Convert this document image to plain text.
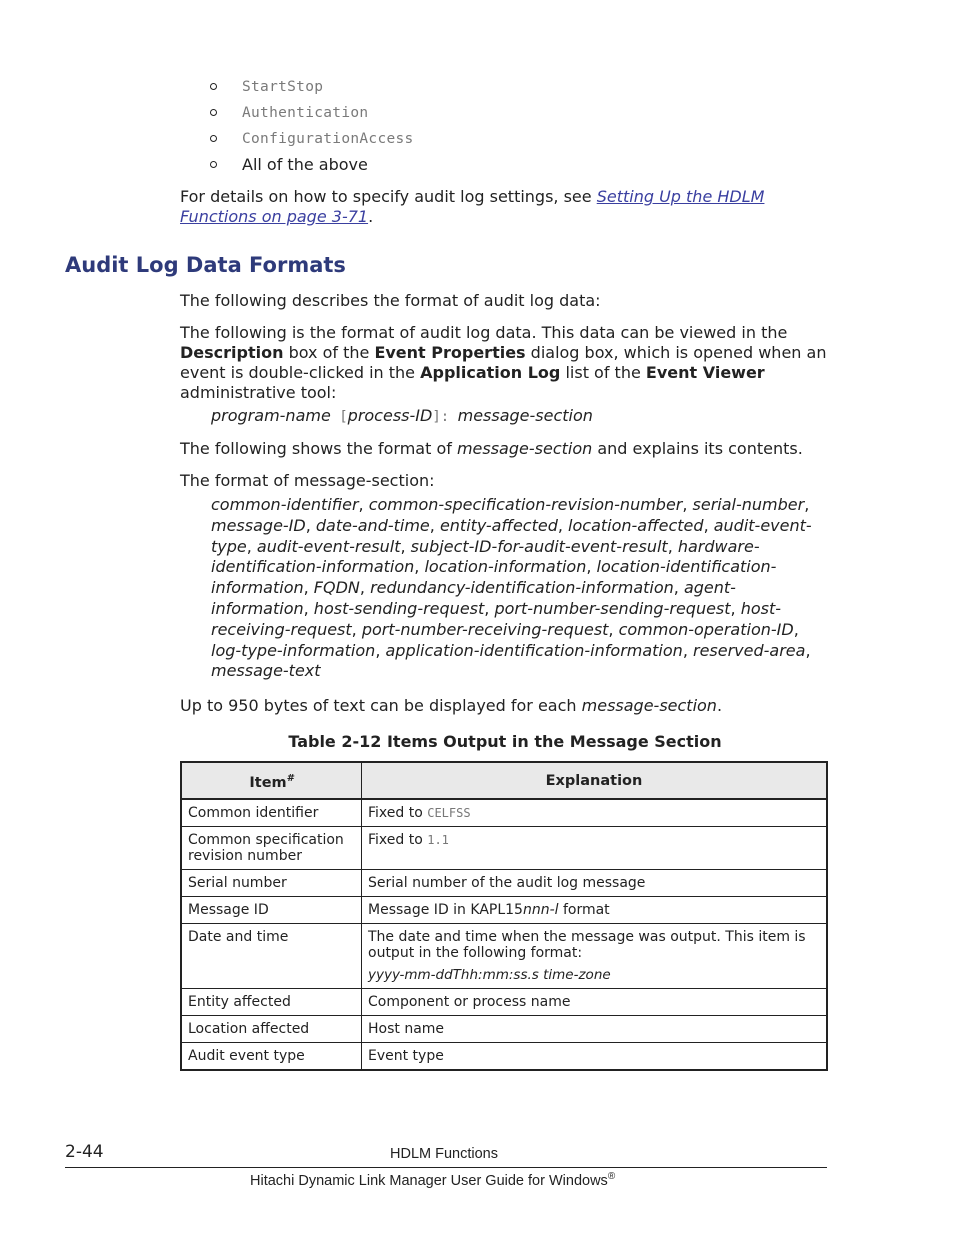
StartStop
Authentication
ConfigurationAccess
All of the above
For details on how to specify audit log settings, see Setting Up the HDLM Functions on page 3-71.
Audit Log Data Formats
The following describes the format of audit log data:
The following is the format of audit log data. This data can be viewed in the Description box of the Event Properties dialog box, which is opened when an event is double-clicked in the Application Log list of the Event Viewer administrative tool:
program-name [process-ID]: message-section
The following shows the format of message-section and explains its contents.
The format of message-section:
common-identifier, common-specification-revision-number, serial-number, message-ID, date-and-time, entity-affected, location-affected, audit-event-type, audit-event-result, subject-ID-for-audit-event-result, hardware-identification-information, location-information, location-identification-information, FQDN, redundancy-identification-information, agent-information, host-sending-request, port-number-sending-request, host-receiving-request, port-number-receiving-request, common-operation-ID, log-type-information, application-identification-information, reserved-area, message-text
Up to 950 bytes of text can be displayed for each message-section.
Table 2-12 Items Output in the Message Section
Item#	Explanation
Common identifier	Fixed to CELFSS
Common specification revision number	Fixed to 1.1
Serial number	Serial number of the audit log message
Message ID	Message ID in KAPL15nnn-l format
Date and time	The date and time when the message was output. This item is output in the following format:
yyyy-mm-ddThh:mm:ss.s time-zone

Entity affected	Component or process name
Location affected	Host name
Audit event type	Event type
2-44	HDLM Functions
Hitachi Dynamic Link Manager User Guide for Windows®
